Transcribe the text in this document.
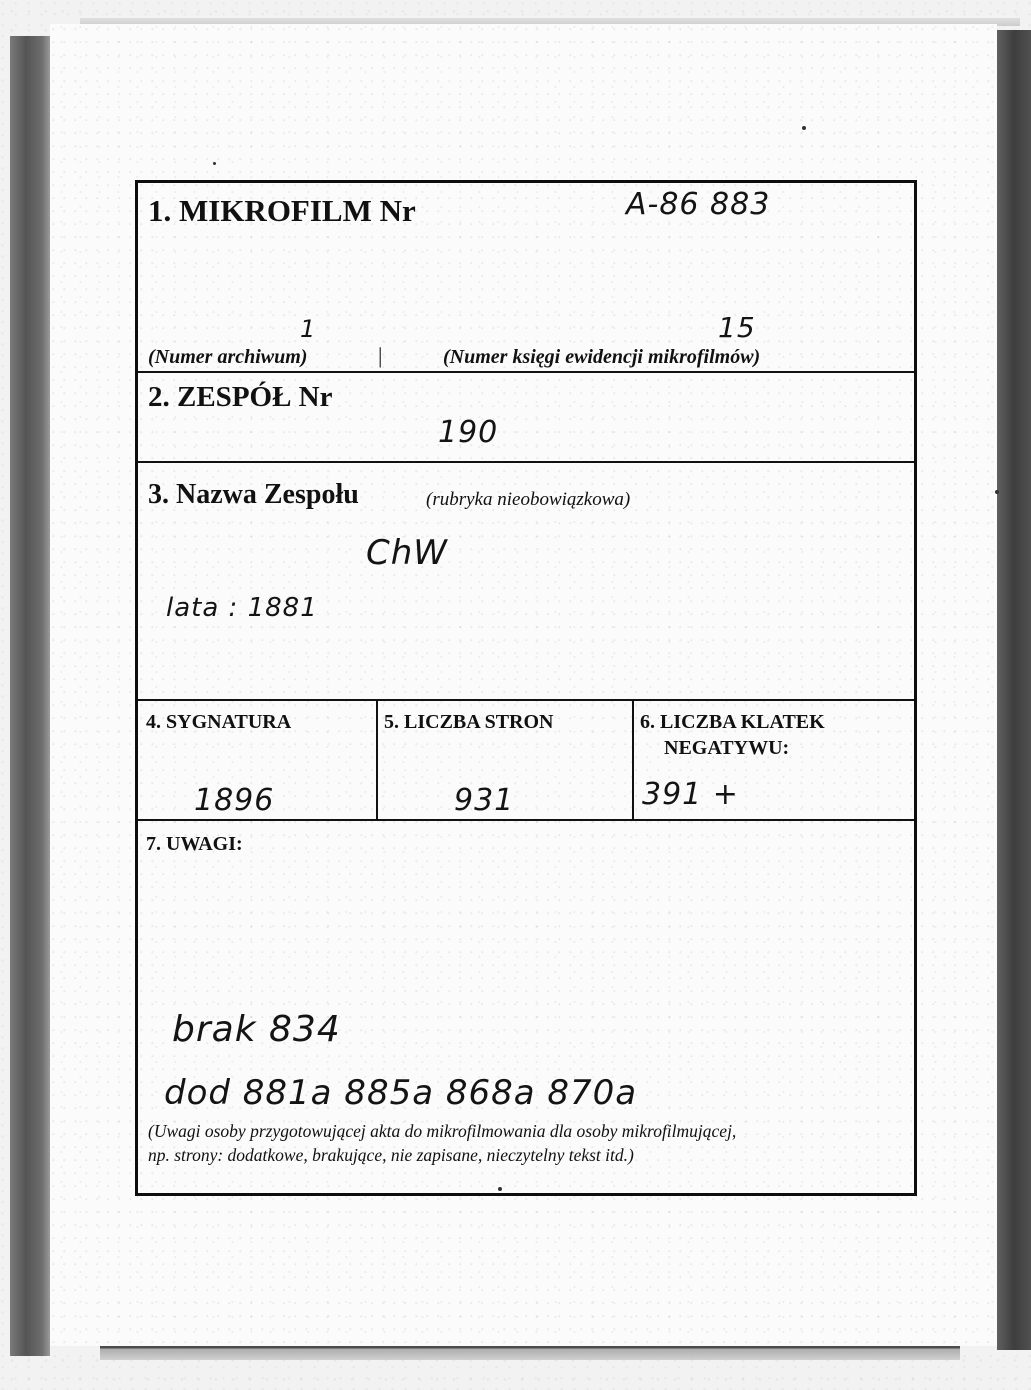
1. MIKROFILM Nr	A-86 883
1
(Numer archiwum)	|
15
(Numer księgi ewidencji mikrofilmów)
2. ZESPÓŁ Nr
190
3. Nazwa Zespołu	(rubryka nieobowiązkowa)
ChW
lata : 1881
4. SYGNATURA
1896
5. LICZBA STRON
931
6. LICZBA KLATEK
NEGATYWU:
391 +
7. UWAGI:
brak 834
dod 881a 885a 868a 870a
(Uwagi osoby przygotowującej akta do mikrofilmowania dla osoby mikrofilmującej,
np. strony: dodatkowe, brakujące, nie zapisane, nieczytelny tekst itd.)
